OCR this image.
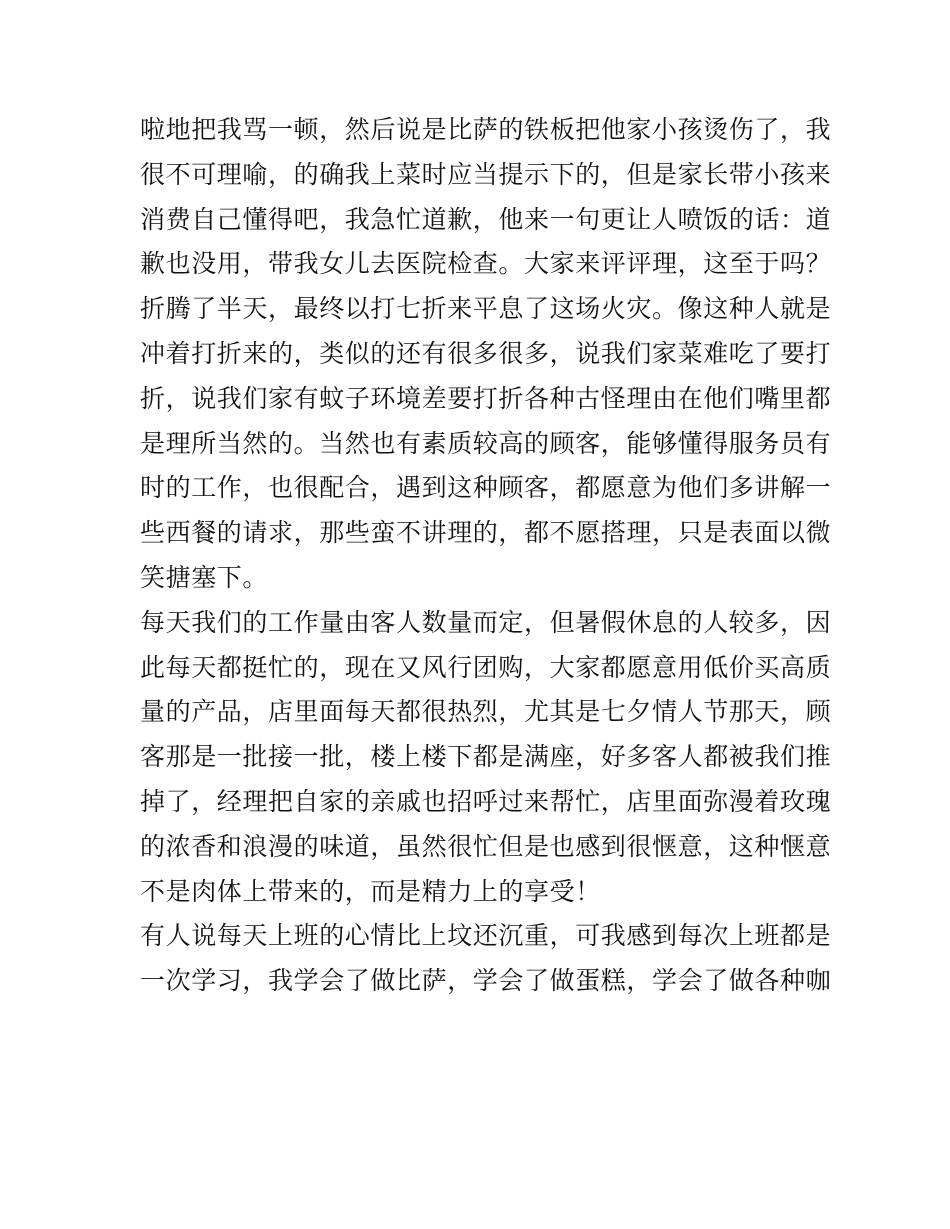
啦地把我骂一顿，然后说是比萨的铁板把他家小孩烫伤了，我
很不可理喻，的确我上菜时应当提示下的，但是家长带小孩来
消费自己懂得吧，我急忙道歉，他来一句更让人喷饭的话：道
歉也没用，带我女儿去医院检查。大家来评评理，这至于吗？
折腾了半天，最终以打七折来平息了这场火灾。像这种人就是
冲着打折来的，类似的还有很多很多，说我们家菜难吃了要打
折，说我们家有蚊子环境差要打折各种古怪理由在他们嘴里都
是理所当然的。当然也有素质较高的顾客，能够懂得服务员有
时的工作，也很配合，遇到这种顾客，都愿意为他们多讲解一
些西餐的请求，那些蛮不讲理的，都不愿搭理，只是表面以微
笑搪塞下。
每天我们的工作量由客人数量而定，但暑假休息的人较多，因
此每天都挺忙的，现在又风行团购，大家都愿意用低价买高质
量的产品，店里面每天都很热烈，尤其是七夕情人节那天，顾
客那是一批接一批，楼上楼下都是满座，好多客人都被我们推
掉了，经理把自家的亲戚也招呼过来帮忙，店里面弥漫着玫瑰
的浓香和浪漫的味道，虽然很忙但是也感到很惬意，这种惬意
不是肉体上带来的，而是精力上的享受！
有人说每天上班的心情比上坟还沉重，可我感到每次上班都是
一次学习，我学会了做比萨，学会了做蛋糕，学会了做各种咖
